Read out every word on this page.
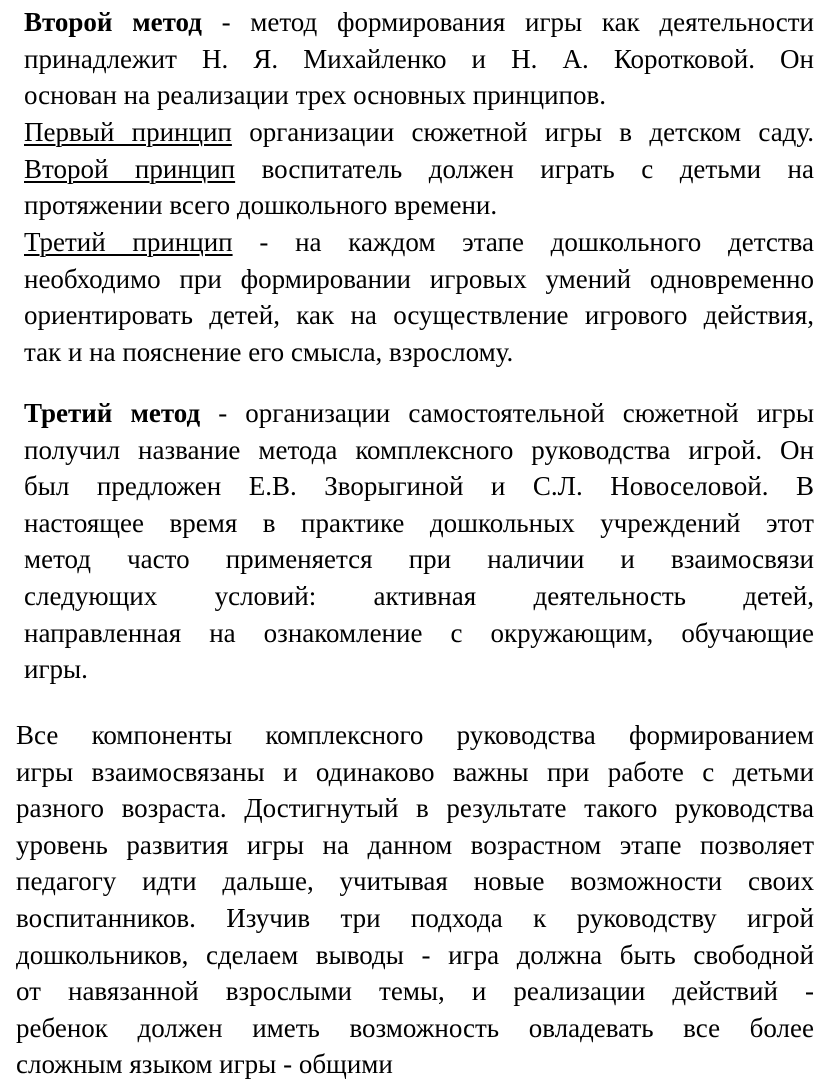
Второй метод - метод формирования игры как деятельности
принадлежит Н. Я. Михайленко и Н. А. Коротковой. Он
основан на реализации трех основных принципов.
Первый принцип организации сюжетной игры в детском саду.
Второй принцип воспитатель должен играть с детьми на
протяжении всего дошкольного времени.
Третий принцип - на каждом этапе дошкольного детства
необходимо при формировании игровых умений одновременно
ориентировать детей, как на осуществление игрового действия,
так и на пояснение его смысла, взрослому.
Третий метод - организации самостоятельной сюжетной игры
получил название метода комплексного руководства игрой. Он
был предложен Е.В. Зворыгиной и С.Л. Новоселовой. В
настоящее время в практике дошкольных учреждений этот
метод часто применяется при наличии и взаимосвязи
следующих условий: активная деятельность детей,
направленная на ознакомление с окружающим, обучающие
игры.
Все компоненты комплексного руководства формированием
игры взаимосвязаны и одинаково важны при работе с детьми
разного возраста. Достигнутый в результате такого руководства
уровень развития игры на данном возрастном этапе позволяет
педагогу идти дальше, учитывая новые возможности своих
воспитанников. Изучив три подхода к руководству игрой
дошкольников, сделаем выводы - игра должна быть свободной
от навязанной взрослыми темы, и реализации действий -
ребенок должен иметь возможность овладевать все более
сложным языком игры - общими
